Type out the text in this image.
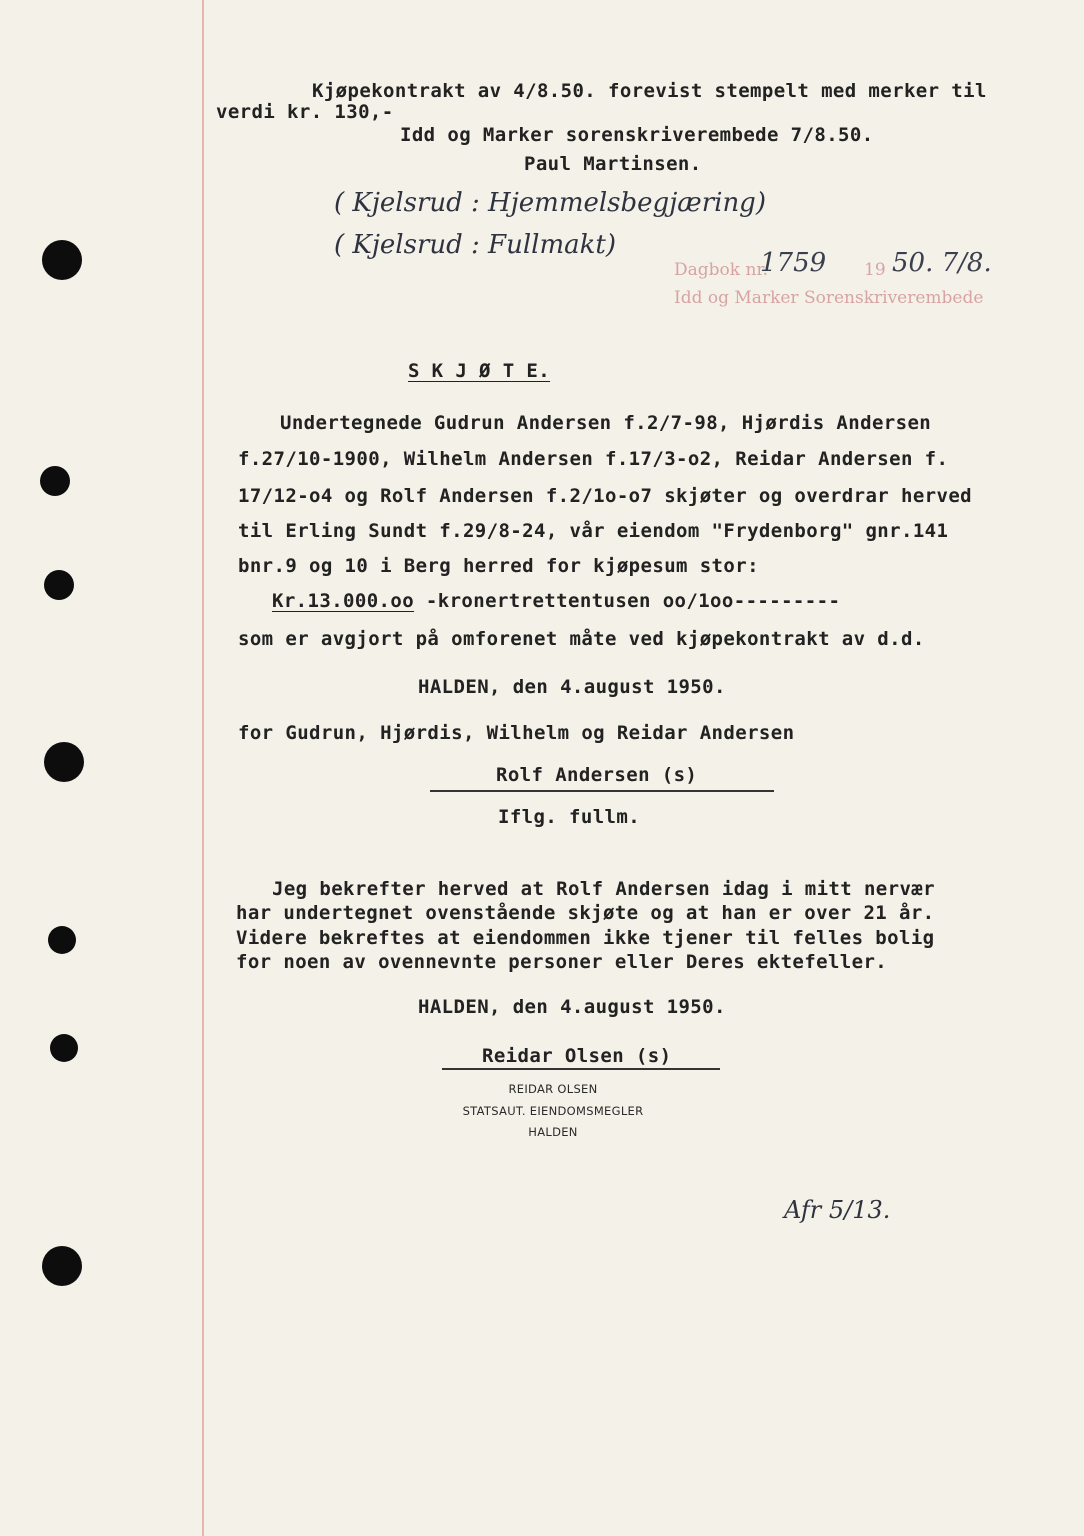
Kjøpekontrakt av 4/8.50. forevist stempelt med merker til
verdi kr. 130,-
Idd og Marker sorenskriverembede 7/8.50.
Paul Martinsen.
( Kjelsrud : Hjemmelsbegjæring)
( Kjelsrud : Fullmakt)
Dagbok nr.
1759 19 50. 7/8.
Idd og Marker Sorenskriverembede
S K J Ø T E.
Undertegnede Gudrun Andersen f.2/7-98, Hjørdis Andersen
f.27/10-1900, Wilhelm Andersen f.17/3-o2, Reidar Andersen f.
17/12-o4 og Rolf Andersen f.2/1o-o7 skjøter og overdrar herved
til Erling Sundt f.29/8-24, vår eiendom "Frydenborg" gnr.141
bnr.9 og 10 i Berg herred for kjøpesum stor:
Kr.13.000.oo -kronertrettentusen oo/1oo---------
som er avgjort på omforenet måte ved kjøpekontrakt av d.d.
HALDEN, den 4.august 1950.
for Gudrun, Hjørdis, Wilhelm og Reidar Andersen
Rolf Andersen (s)
Iflg. fullm.
Jeg bekrefter herved at Rolf Andersen idag i mitt nervær
har undertegnet ovenstående skjøte og at han er over 21 år.
Videre bekreftes at eiendommen ikke tjener til felles bolig
for noen av ovennevnte personer eller Deres ektefeller.
HALDEN, den 4.august 1950.
Reidar Olsen (s)
REIDAR OLSEN
STATSAUT. EIENDOMSMEGLER
HALDEN
Afr 5/13.
